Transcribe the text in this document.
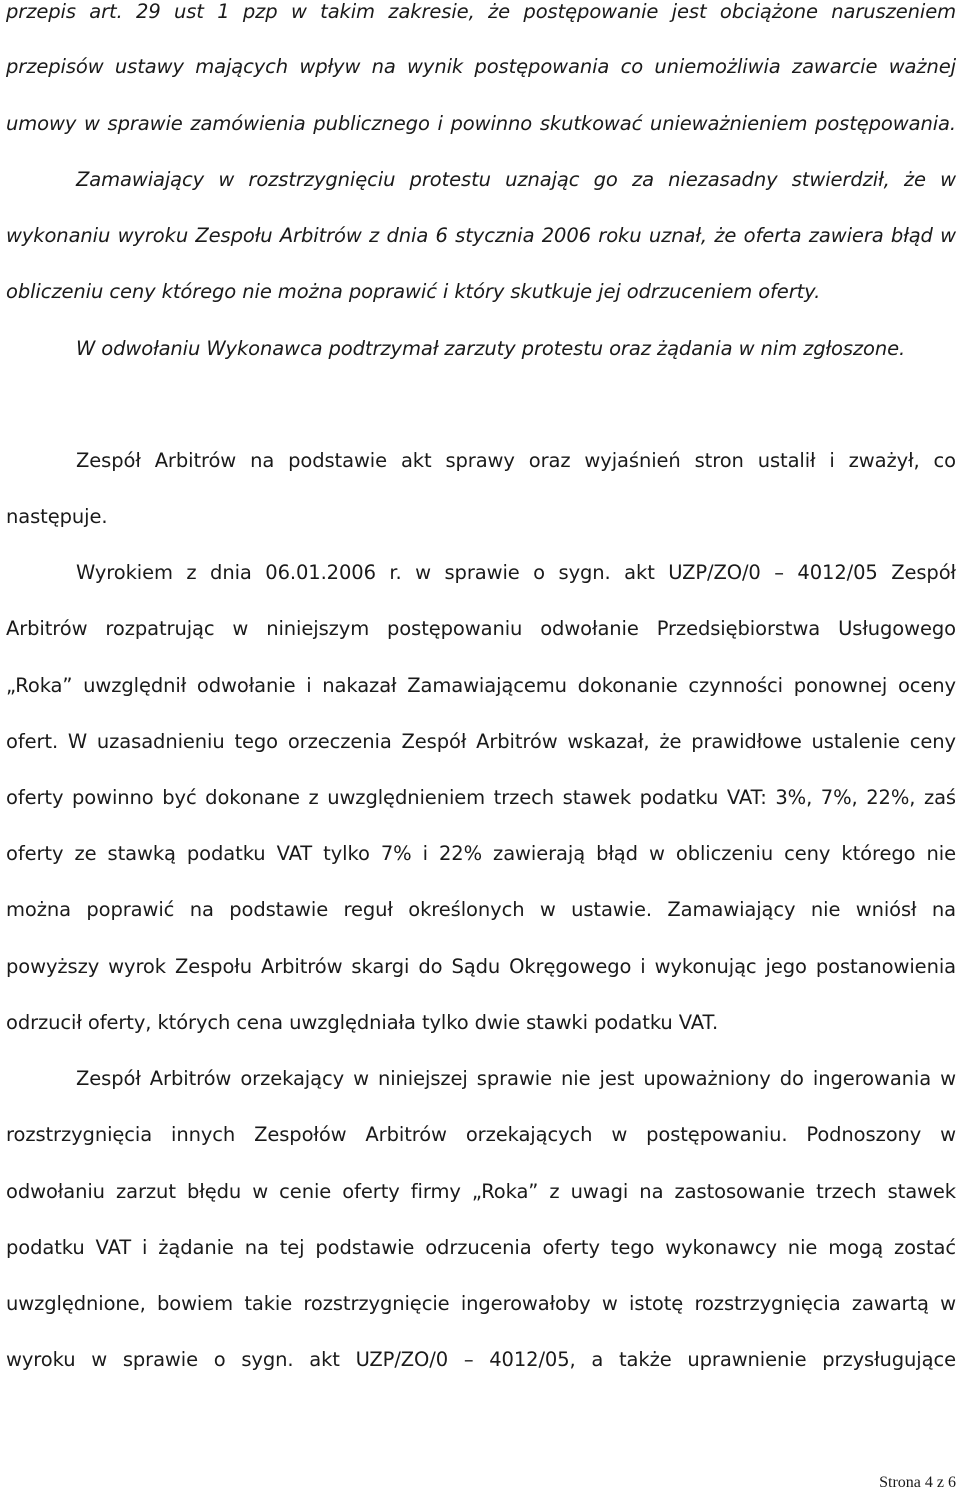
przepis art. 29 ust 1 pzp w takim zakresie, że postępowanie jest obciążone naruszeniem
przepisów ustawy mających wpływ na wynik postępowania co uniemożliwia zawarcie ważnej
umowy w sprawie zamówienia publicznego i powinno skutkować unieważnieniem postępowania.
Zamawiający w rozstrzygnięciu protestu uznając go za niezasadny stwierdził, że w
wykonaniu wyroku Zespołu Arbitrów z dnia 6 stycznia 2006 roku uznał, że oferta zawiera błąd w
obliczeniu ceny którego nie można poprawić i który skutkuje jej odrzuceniem oferty.
W odwołaniu Wykonawca podtrzymał zarzuty protestu oraz żądania w nim zgłoszone.
Zespół Arbitrów na podstawie akt sprawy oraz wyjaśnień stron ustalił i zważył, co
następuje.
Wyrokiem z dnia 06.01.2006 r. w sprawie o sygn. akt UZP/ZO/0 – 4012/05 Zespół
Arbitrów rozpatrując w niniejszym postępowaniu odwołanie Przedsiębiorstwa Usługowego
„Roka” uwzględnił odwołanie i nakazał Zamawiającemu dokonanie czynności ponownej oceny
ofert. W uzasadnieniu tego orzeczenia Zespół Arbitrów wskazał, że prawidłowe ustalenie ceny
oferty powinno być dokonane z uwzględnieniem trzech stawek podatku VAT: 3%, 7%, 22%, zaś
oferty ze stawką podatku VAT tylko 7% i 22% zawierają błąd w obliczeniu ceny którego nie
można poprawić na podstawie reguł określonych w ustawie. Zamawiający nie wniósł na
powyższy wyrok Zespołu Arbitrów skargi do Sądu Okręgowego i wykonując jego postanowienia
odrzucił oferty, których cena uwzględniała tylko dwie stawki podatku VAT.
Zespół Arbitrów orzekający w niniejszej sprawie nie jest upoważniony do ingerowania w
rozstrzygnięcia innych Zespołów Arbitrów orzekających w postępowaniu. Podnoszony w
odwołaniu zarzut błędu w cenie oferty firmy „Roka” z uwagi na zastosowanie trzech stawek
podatku VAT i żądanie na tej podstawie odrzucenia oferty tego wykonawcy nie mogą zostać
uwzględnione, bowiem takie rozstrzygnięcie ingerowałoby w istotę rozstrzygnięcia zawartą w
wyroku w sprawie o sygn. akt UZP/ZO/0 – 4012/05, a także uprawnienie przysługujące
Strona 4 z 6
